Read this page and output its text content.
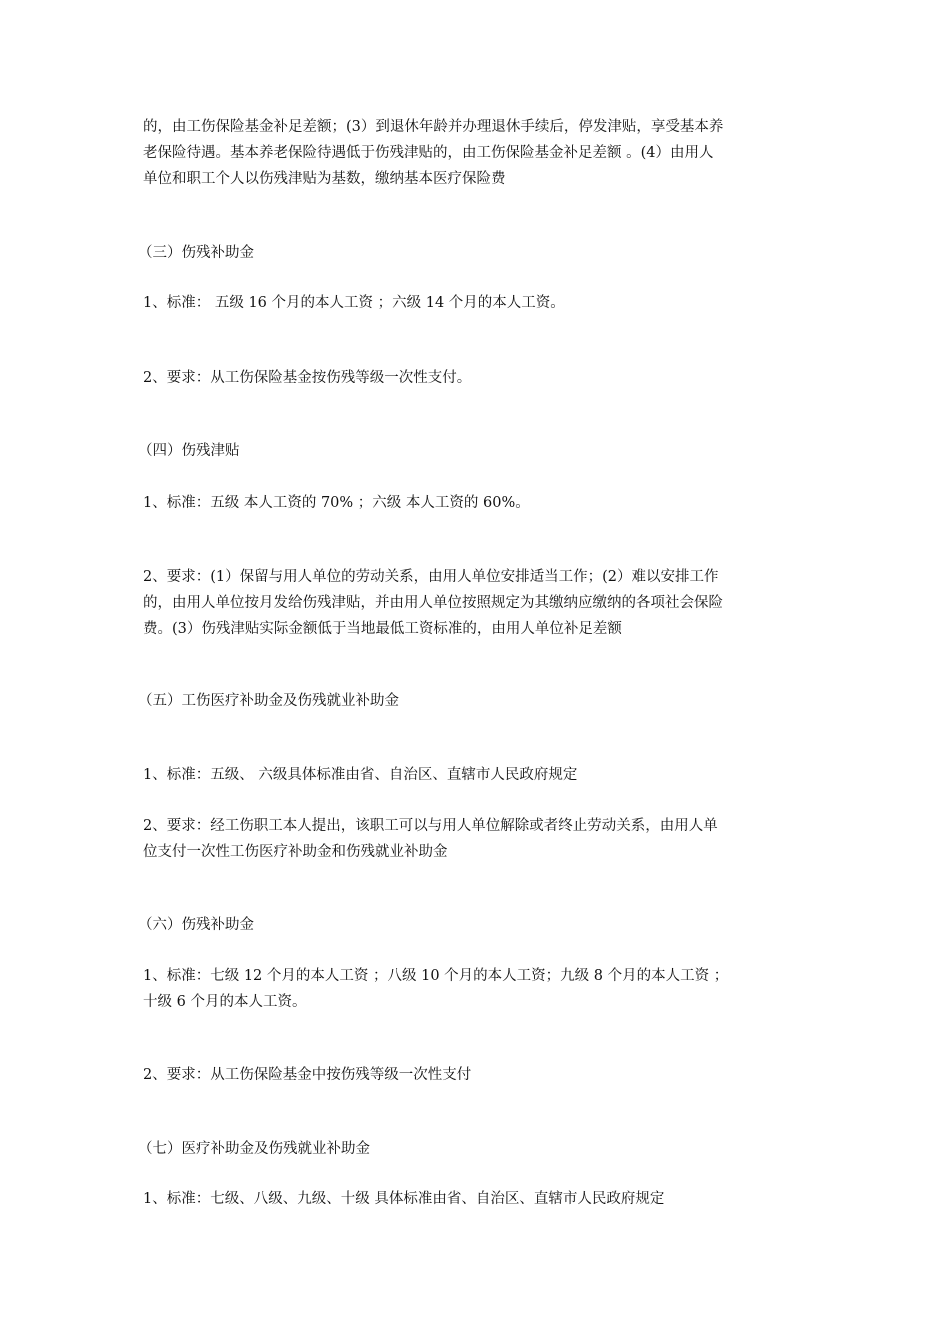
的，由工伤保险基金补足差额；(3）到退休年龄并办理退休手续后，停发津贴，享受基本养
老保险待遇。基本养老保险待遇低于伤残津贴的，由工伤保险基金补足差额 。(4）由用人
单位和职工个人以伤残津贴为基数，缴纳基本医疗保险费
（三）伤残补助金
1、标准： 五级 16 个月的本人工资 ；六级 14 个月的本人工资。
2、要求：从工伤保险基金按伤残等级一次性支付。
（四）伤残津贴
1、标准：五级 本人工资的 70% ；六级 本人工资的 60%。
2、要求：(1）保留与用人单位的劳动关系，由用人单位安排适当工作；(2）难以安排工作
的，由用人单位按月发给伤残津贴，并由用人单位按照规定为其缴纳应缴纳的各项社会保险
费。(3）伤残津贴实际金额低于当地最低工资标准的，由用人单位补足差额
（五）工伤医疗补助金及伤残就业补助金
1、标准：五级、 六级具体标准由省、自治区、直辖市人民政府规定
2、要求：经工伤职工本人提出，该职工可以与用人单位解除或者终止劳动关系，由用人单
位支付一次性工伤医疗补助金和伤残就业补助金
（六）伤残补助金
1、标准：七级 12 个月的本人工资 ；八级 10 个月的本人工资；九级 8 个月的本人工资 ；
十级 6 个月的本人工资。
2、要求：从工伤保险基金中按伤残等级一次性支付
（七）医疗补助金及伤残就业补助金
1、标准：七级、八级、九级、十级 具体标准由省、自治区、直辖市人民政府规定
